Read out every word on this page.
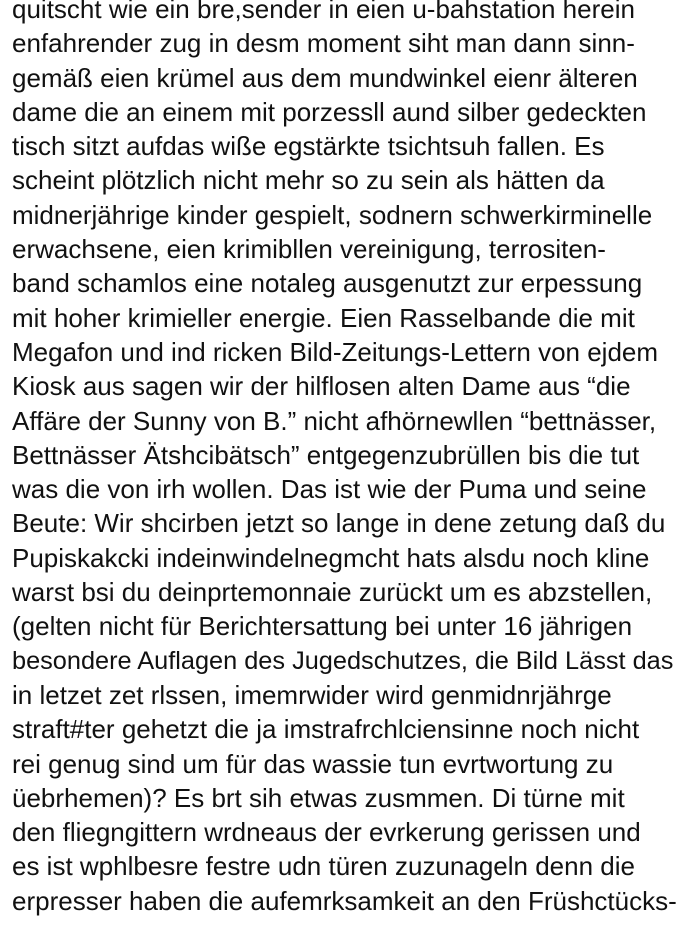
quitscht wie ein bre,sender in eien u-bahstation herein
enfahrender zug in desm moment siht man dann sinn-
gemäß eien krümel aus dem mundwinkel eienr älteren
dame die an einem mit porzessll aund silber gedeckten
tisch sitzt aufdas wiße egstärkte tsichtsuh fallen. Es
scheint plötzlich nicht mehr so zu sein als hätten da
midnerjährige kinder gespielt, sodnern schwerkirminelle
erwachsene, eien krimibllen vereinigung, terrositen-
band schamlos eine notaleg ausgenutzt zur erpessung
mit hoher krimieller energie. Eien Rasselbande die mit
Megafon und ind ricken Bild-Zeitungs-Lettern von ejdem
Kiosk aus sagen wir der hilflosen alten Dame aus “die
Affäre der Sunny von B.” nicht afhörnewllen “bettnässer,
Bettnässer Ätshcibätsch” entgegenzubrüllen bis die tut
was die von irh wollen. Das ist wie der Puma und seine
Beute: Wir shcirben jetzt so lange in dene zetung daß du
Pupiskakcki indeinwindelnegmcht hats alsdu noch kline
warst bsi du deinprtemonnaie zurückt um es abzstellen,
(gelten nicht für Berichtersattung bei unter 16 jährigen
besondere Auflagen des Jugedschutzes, die Bild Lässt das
in letzet zet rlssen, imemrwider wird genmidnrjährge
straft#ter gehetzt die ja imstrafrchlciensinne noch nicht
rei genug sind um für das wassie tun evrtwortung zu
üebrhemen)? Es brt sih etwas zusmmen. Di türne mit
den fliegngittern wrdneaus der evrkerung gerissen und
es ist wphlbesre festre udn türen zuzunageln denn die
erpresser haben die aufemrksamkeit an den Früshctücks-
